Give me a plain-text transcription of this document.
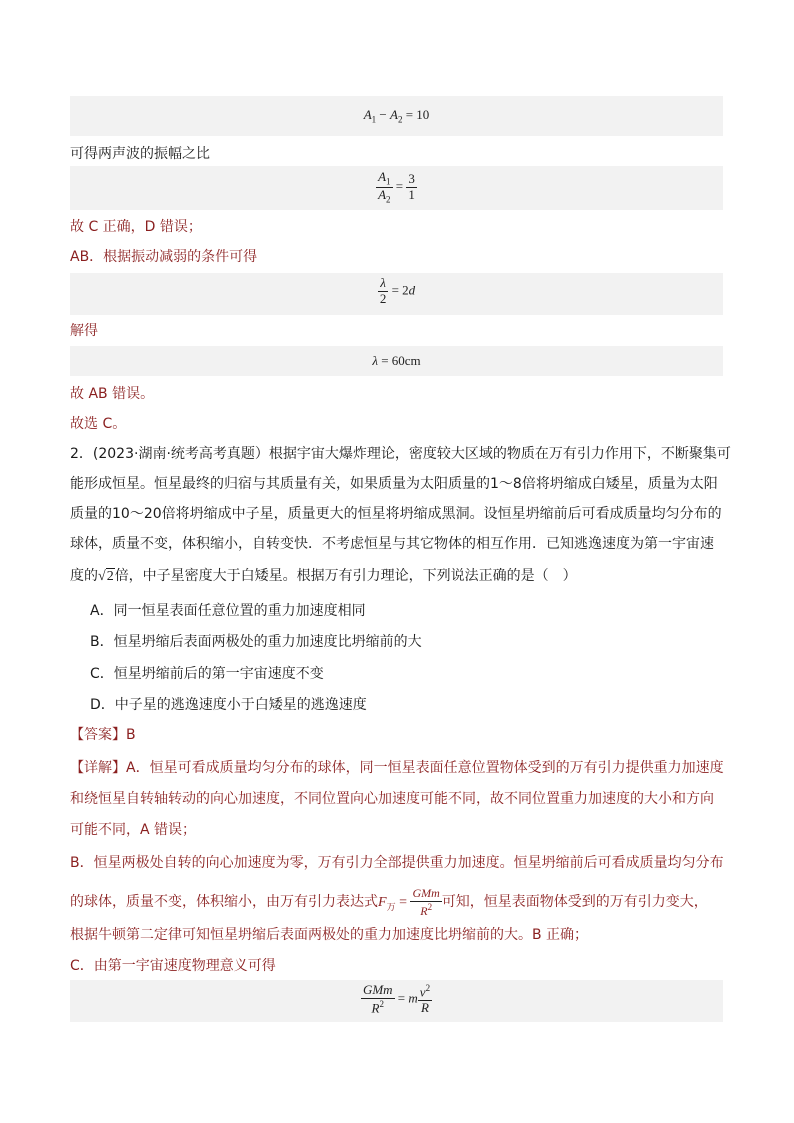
$A_1 - A_2 = 10$
可得两声波的振幅之比
$\frac{A_1}{A_2} = \frac{3}{1}$
故 C 正确，D 错误；
AB．根据振动减弱的条件可得
$\frac{\lambda}{2} = 2d$
解得
λ = 60cm
故 AB 错误。
故选 C。
2．(2023·湖南·统考高考真题）根据宇宙大爆炸理论，密度较大区域的物质在万有引力作用下，不断聚集可
能形成恒星。恒星最终的归宿与其质量有关，如果质量为太阳质量的1～8倍将坍缩成白矮星，质量为太阳
质量的10～20倍将坍缩成中子星，质量更大的恒星将坍缩成黑洞。设恒星坍缩前后可看成质量均匀分布的
球体，质量不变，体积缩小，自转变快．不考虑恒星与其它物体的相互作用．已知逃逸速度为第一宇宙速
度的√2倍，中子星密度大于白矮星。根据万有引力理论，下列说法正确的是（　）
A．同一恒星表面任意位置的重力加速度相同
B．恒星坍缩后表面两极处的重力加速度比坍缩前的大
C．恒星坍缩前后的第一宇宙速度不变
D．中子星的逃逸速度小于白矮星的逃逸速度
【答案】B
【详解】A．恒星可看成质量均匀分布的球体，同一恒星表面任意位置物体受到的万有引力提供重力加速度
和绕恒星自转轴转动的向心加速度，不同位置向心加速度可能不同，故不同位置重力加速度的大小和方向
可能不同，A 错误；
B．恒星两极处自转的向心加速度为零，万有引力全部提供重力加速度。恒星坍缩前后可看成质量均匀分布
的球体，质量不变，体积缩小，由万有引力表达式$F_万 = \frac{\text{GMm}}{R^2}$ 可知，恒星表面物体受到的万有引力变大，
根据牛顿第二定律可知恒星坍缩后表面两极处的重力加速度比坍缩前的大。B 正确；
C．由第一宇宙速度物理意义可得
$\frac{\text{GMm}}{R^2} = m \frac{v^2}{R}$
